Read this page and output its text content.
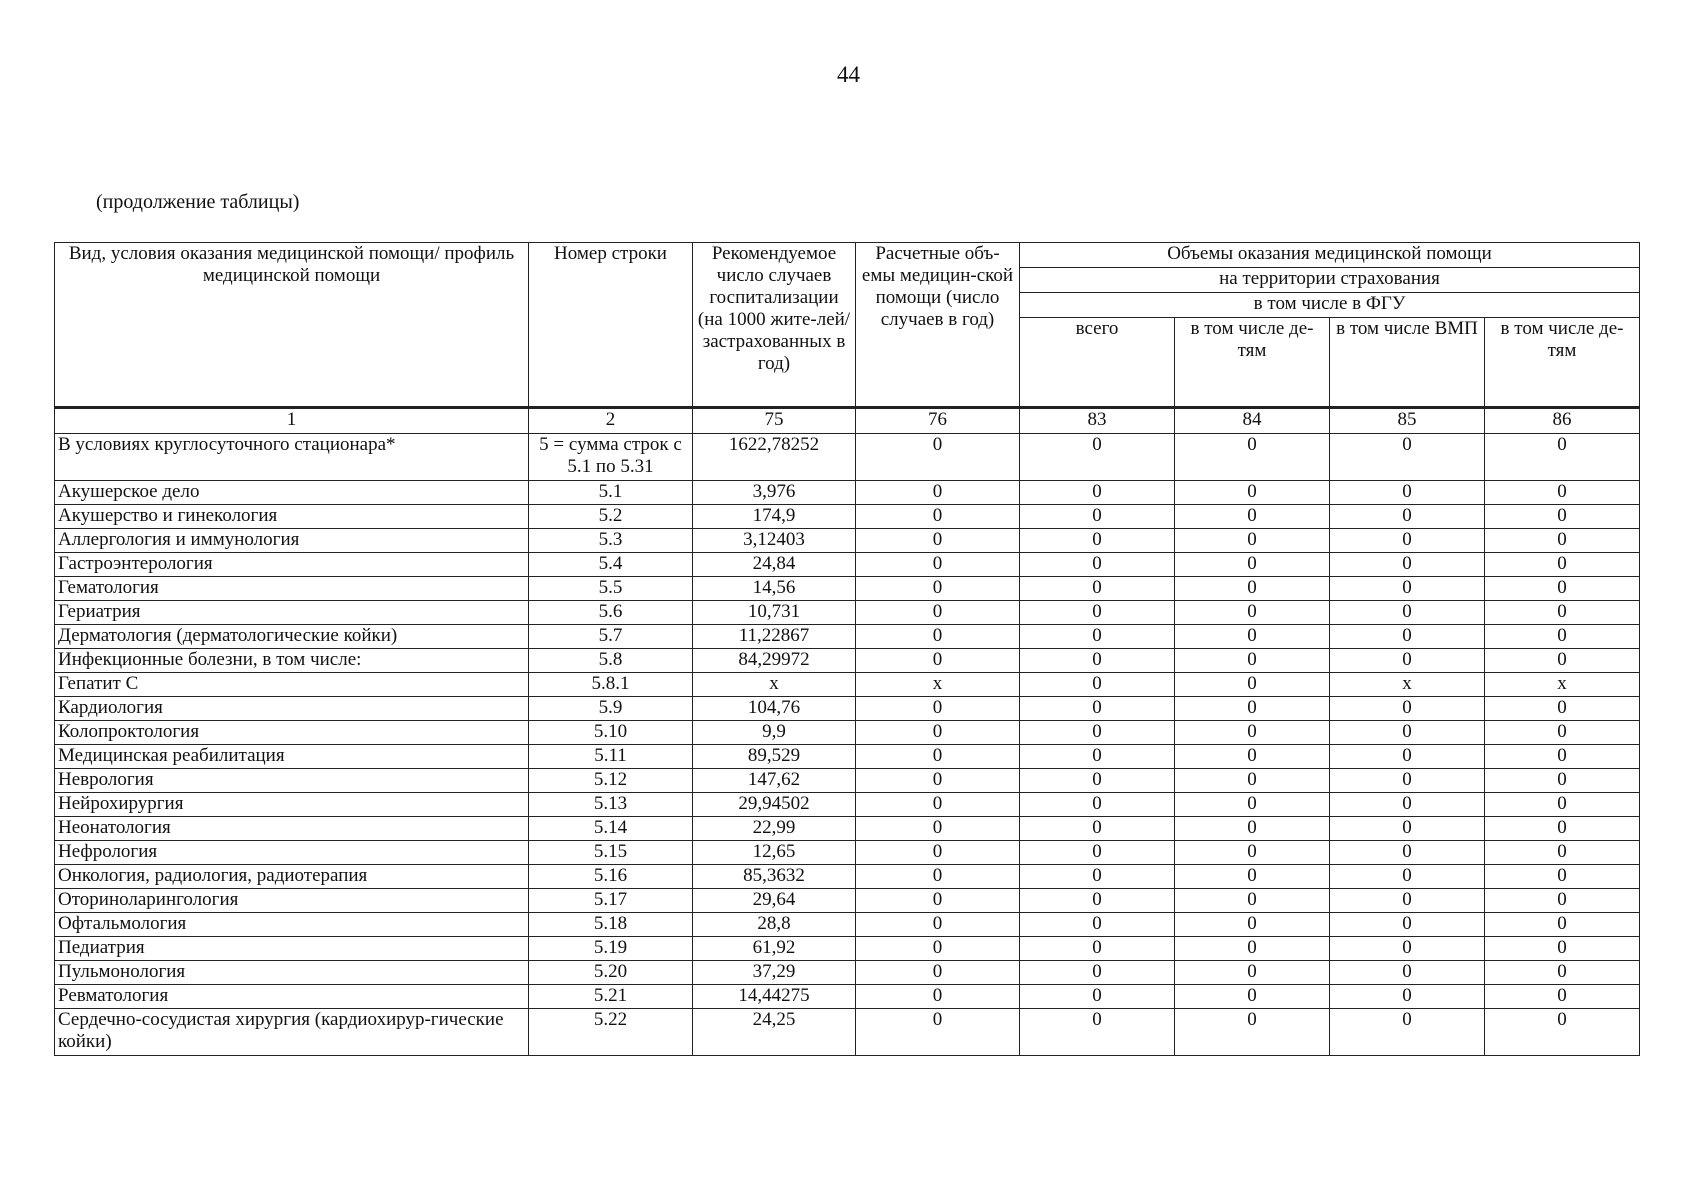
44
(продолжение таблицы)
Вид, условия оказания медицинской помощи/ профиль медицинской помощи	Номер строки	Рекомендуемое число случаев госпитализации (на 1000 жите-лей/ застрахованных в год)	Расчетные объ-емы медицин-ской помощи (число случаев в год)	Объемы оказания медицинской помощи			
				на территории страхования			
				в том числе в ФГУ			
				всего	в том числе де-тям	в том числе ВМП	в том числе де-тям
1	2	75	76	83	84	85	86
В условиях круглосуточного стационара*	5 = сумма строк с 5.1 по 5.31	1622,78252	0	0	0	0	0
Акушерское дело	5.1	3,976	0	0	0	0	0
Акушерство и гинекология	5.2	174,9	0	0	0	0	0
Аллергология и иммунология	5.3	3,12403	0	0	0	0	0
Гастроэнтерология	5.4	24,84	0	0	0	0	0
Гематология	5.5	14,56	0	0	0	0	0
Гериатрия	5.6	10,731	0	0	0	0	0
Дерматология (дерматологические койки)	5.7	11,22867	0	0	0	0	0
Инфекционные болезни, в том числе:	5.8	84,29972	0	0	0	0	0
Гепатит С	5.8.1	х	х	0	0	х	х
Кардиология	5.9	104,76	0	0	0	0	0
Колопроктология	5.10	9,9	0	0	0	0	0
Медицинская реабилитация	5.11	89,529	0	0	0	0	0
Неврология	5.12	147,62	0	0	0	0	0
Нейрохирургия	5.13	29,94502	0	0	0	0	0
Неонатология	5.14	22,99	0	0	0	0	0
Нефрология	5.15	12,65	0	0	0	0	0
Онкология, радиология, радиотерапия	5.16	85,3632	0	0	0	0	0
Оториноларингология	5.17	29,64	0	0	0	0	0
Офтальмология	5.18	28,8	0	0	0	0	0
Педиатрия	5.19	61,92	0	0	0	0	0
Пульмонология	5.20	37,29	0	0	0	0	0
Ревматология	5.21	14,44275	0	0	0	0	0
Сердечно-сосудистая хирургия (кардиохирур-гические койки)	5.22	24,25	0	0	0	0	0
